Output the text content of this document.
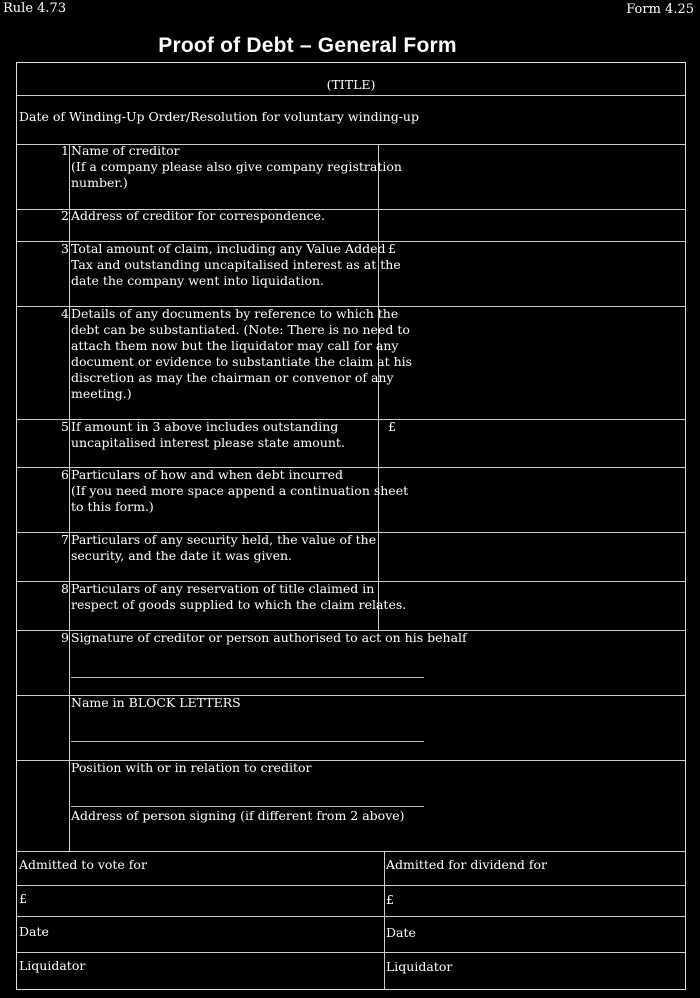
Rule 4.73	Form 4.25
Proof of Debt – General Form
(TITLE)
Date of Winding-Up Order/Resolution for voluntary winding-up
1 Name of creditor
(If a company please also give company registration
number.)
2 Address of creditor for correspondence.
3 Total amount of claim, including any Value Added
Tax and outstanding uncapitalised interest as at the
date the company went into liquidation.
£
4 Details of any documents by reference to which the
debt can be substantiated. (Note: There is no need to
attach them now but the liquidator may call for any
document or evidence to substantiate the claim at his
discretion as may the chairman or convenor of any
meeting.)
5 If amount in 3 above includes outstanding
uncapitalised interest please state amount.
£
6 Particulars of how and when debt incurred
(If you need more space append a continuation sheet
to this form.)
7 Particulars of any security held, the value of the
security, and the date it was given.
8 Particulars of any reservation of title claimed in
respect of goods supplied to which the claim relates.
9 Signature of creditor or person authorised to act on his behalf
Name in BLOCK LETTERS
Position with or in relation to creditor
Address of person signing (if different from 2 above)
Admitted to vote for	Admitted for dividend for
£	£
Date	Date
Liquidator	Liquidator
